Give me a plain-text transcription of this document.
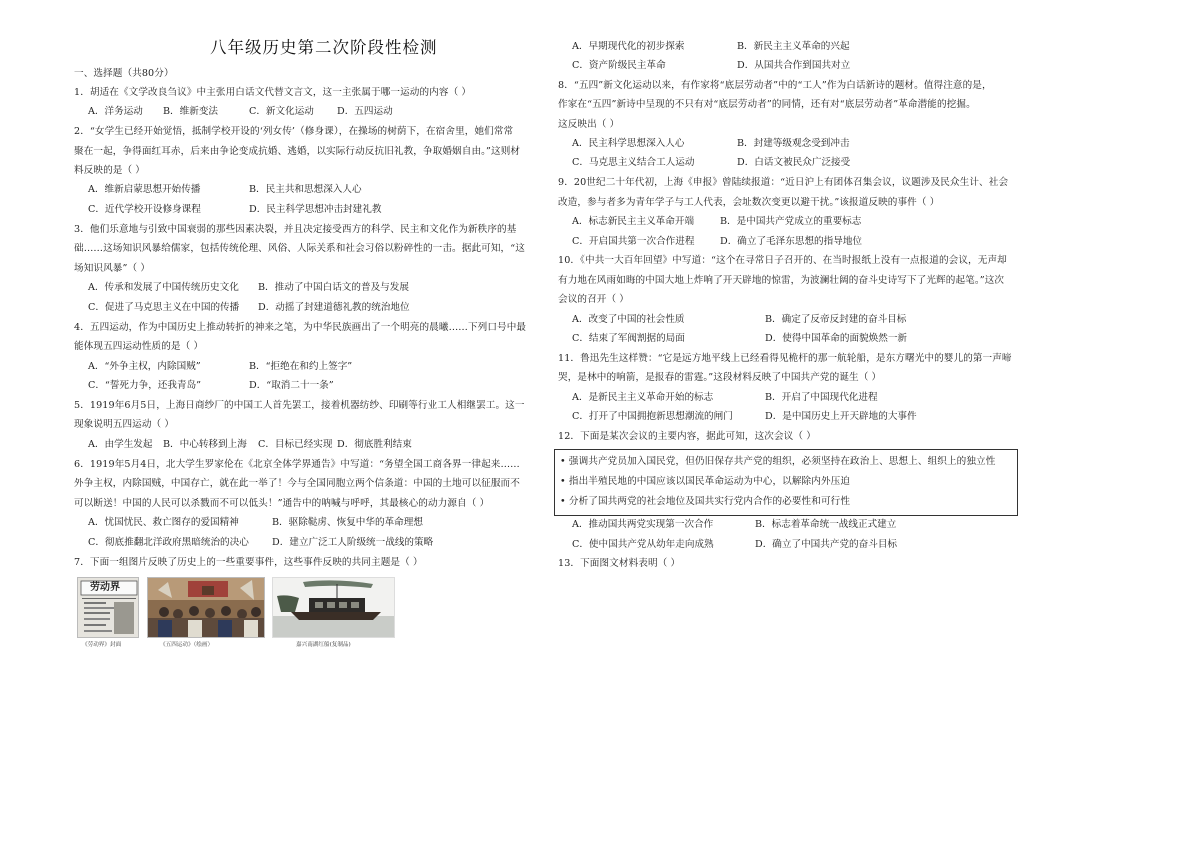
八年级历史第二次阶段性检测
一、选择题（共80分）
1．胡适在《文学改良刍议》中主张用白话文代替文言文，这一主张属于哪一运动的内容（ ）
A．洋务运动 B．维新变法	C．新文化运动 D．五四运动
2．“女学生已经开始觉悟，抵制学校开设的‘列女传’（修身课），在操场的树荫下，在宿舍里，她们常常
聚在一起，争得面红耳赤，后来由争论变成抗婚、逃婚，以实际行动反抗旧礼教，争取婚姻自由。”这则材
料反映的是（ ）
A．维新启蒙思想开始传播	B．民主共和思想深入人心
C．近代学校开设修身课程	D．民主科学思想冲击封建礼教
3．他们乐意地与引致中国衰弱的那些因素决裂，并且决定接受西方的科学、民主和文化作为新秩序的基
础……这场知识风暴给儒家，包括传统伦理、风俗、人际关系和社会习俗以粉碎性的一击。据此可知，“这
场知识风暴”（ ）
A．传承和发展了中国传统历史文化 B．推动了中国白话文的普及与发展
C．促进了马克思主义在中国的传播 D．动摇了封建道德礼教的统治地位
4．五四运动，作为中国历史上推动转折的神来之笔，为中华民族画出了一个明亮的晨曦……下列口号中最
能体现五四运动性质的是（ ）
A．“外争主权，内除国贼”	B．“拒绝在和约上签字”
C．“誓死力争，还我青岛”	D．“取消二十一条”
5．1919年6月5日，上海日商纱厂的中国工人首先罢工，接着机器纺纱、印刷等行业工人相继罢工。这一
现象说明五四运动（ ）
A．由学生发起 B．中心转移到上海 C．目标已经实现 D．彻底胜利结束
6．1919年5月4日，北大学生罗家伦在《北京全体学界通告》中写道：“务望全国工商各界一律起来……
外争主权，内除国贼，中国存亡，就在此一举了！今与全国同胞立两个信条道：中国的土地可以征服而不
可以断送！中国的人民可以杀戮而不可以低头！”通告中的呐喊与呼呼，其最核心的动力源自（ ）
A．忧国忧民、救亡图存的爱国精神	B．驱除鞑虏、恢复中华的革命理想
C．彻底推翻北洋政府黑暗统治的决心 D．建立广泛工人阶级统一战线的策略
7．下面一组图片反映了历史上的一些重要事件，这些事件反映的共同主题是（ ）
劳动界
《劳动界》封面	《五四运动》（绘画）	嘉兴南湖红船(复制品)
A．早期现代化的初步探索	B．新民主主义革命的兴起
C．资产阶级民主革命	D．从国共合作到国共对立
8．“五四”新文化运动以来，有作家将“底层劳动者”中的“工人”作为白话新诗的题材。值得注意的是，
作家在“五四”新诗中呈现的不只有对“底层劳动者”的同情，还有对“底层劳动者”革命潜能的挖掘。
这反映出（ ）
A．民主科学思想深入人心	B．封建等级观念受到冲击
C．马克思主义结合工人运动	D．白话文被民众广泛接受
9．20世纪二十年代初，上海《申报》曾陆续报道：“近日沪上有团体召集会议，议题涉及民众生计、社会
改造，参与者多为青年学子与工人代表，会址数次变更以避干扰。”该报道反映的事件（ ）
A．标志新民主主义革命开端	B．是中国共产党成立的重要标志
C．开启国共第一次合作进程	D．确立了毛泽东思想的指导地位
10．《中共一大百年回望》中写道：“这个在寻常日子召开的、在当时报纸上没有一点报道的会议，无声却
有力地在风雨如晦的中国大地上炸响了开天辟地的惊雷，为波澜壮阔的奋斗史诗写下了光辉的起笔。”这次
会议的召开（ ）
A．改变了中国的社会性质	B．确定了反帝反封建的奋斗目标
C．结束了军阀割据的局面	D．使得中国革命的面貌焕然一新
11．鲁迅先生这样赞：“它是远方地平线上已经看得见桅杆的那一航轮船，是东方曙光中的婴儿的第一声啼
哭，是林中的响箭，是报春的雷霆。”这段材料反映了中国共产党的诞生（ ）
A．是新民主主义革命开始的标志	B．开启了中国现代化进程
C．打开了中国拥抱新思想潮流的闸门	D．是中国历史上开天辟地的大事件
12．下面是某次会议的主要内容，据此可知，这次会议（ ）
• 强调共产党员加入国民党，但仍旧保存共产党的组织，必须坚持在政治上、思想上、组织上的独立性
• 指出半殖民地的中国应该以国民革命运动为中心，以解除内外压迫
• 分析了国共两党的社会地位及国共实行党内合作的必要性和可行性
A．推动国共两党实现第一次合作	B．标志着革命统一战线正式建立
C．使中国共产党从幼年走向成熟	D．确立了中国共产党的奋斗目标
13．下面图文材料表明（ ）
